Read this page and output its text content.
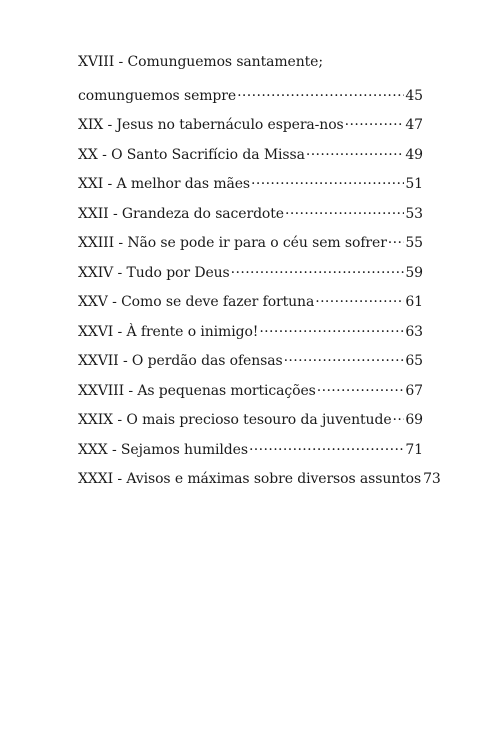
XVIII - Comunguemos santamente;
comunguemos sempre .....	45
XIX - Jesus no tabernáculo espera-nos .....	47
XX - O Santo Sacrifício da Missa .....	49
XXI - A melhor das mães .....	51
XXII - Grandeza do sacerdote .....	53
XXIII - Não se pode ir para o céu sem sofrer ..... 55
XXIV - Tudo por Deus .....	59
XXV - Como se deve fazer fortuna .....	61
XXVI - À frente o inimigo! .....	63
XXVII - O perdão das ofensas .....	65
XXVIII - As pequenas morticações .....	67
XXIX - O mais precioso tesouro da juventude ..... 69
XXX - Sejamos humildes .....	71
XXXI - Avisos e máximas sobre diversos assuntos 73
